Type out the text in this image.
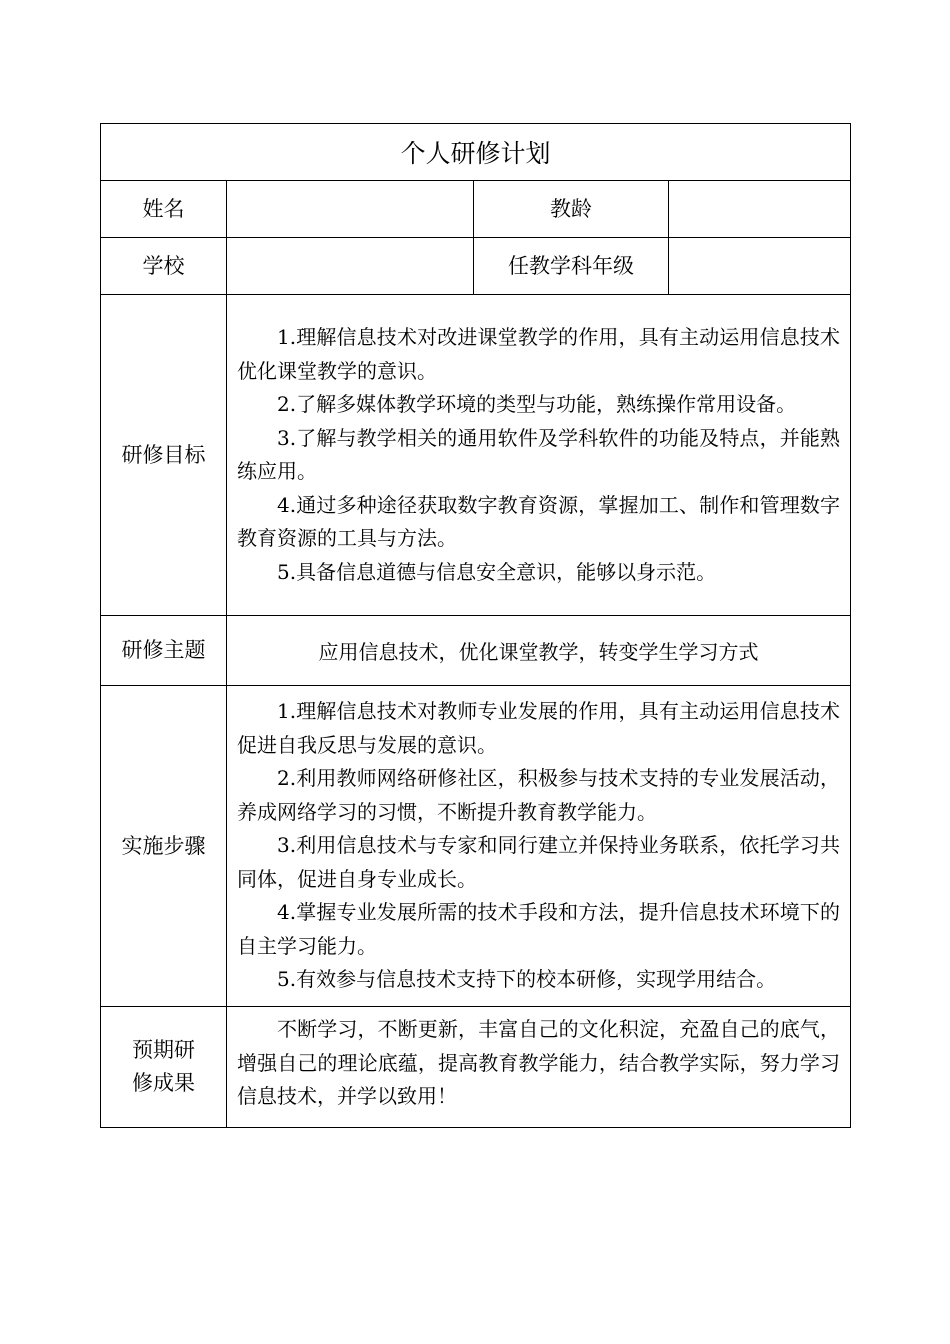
个人研修计划			
姓名		教龄	
学校		任教学科年级	
研修目标	1.理解信息技术对改进课堂教学的作用，具有主动运用信息技术优化课堂教学的意识。

2.了解多媒体教学环境的类型与功能，熟练操作常用设备。

3.了解与教学相关的通用软件及学科软件的功能及特点，并能熟练应用。

4.通过多种途径获取数字教育资源，掌握加工、制作和管理数字教育资源的工具与方法。

5.具备信息道德与信息安全意识，能够以身示范。		

研修主题	应用信息技术，优化课堂教学，转变学生学习方式		
实施步骤	1.理解信息技术对教师专业发展的作用，具有主动运用信息技术促进自我反思与发展的意识。

2.利用教师网络研修社区，积极参与技术支持的专业发展活动，养成网络学习的习惯，不断提升教育教学能力。

3.利用信息技术与专家和同行建立并保持业务联系，依托学习共同体，促进自身专业成长。

4.掌握专业发展所需的技术手段和方法，提升信息技术环境下的自主学习能力。

5.有效参与信息技术支持下的校本研修，实现学用结合。		

预期研
修成果	不断学习，不断更新，丰富自己的文化积淀，充盈自己的底气，增强自己的理论底蕴，提高教育教学能力，结合教学实际，努力学习信息技术，并学以致用！		
